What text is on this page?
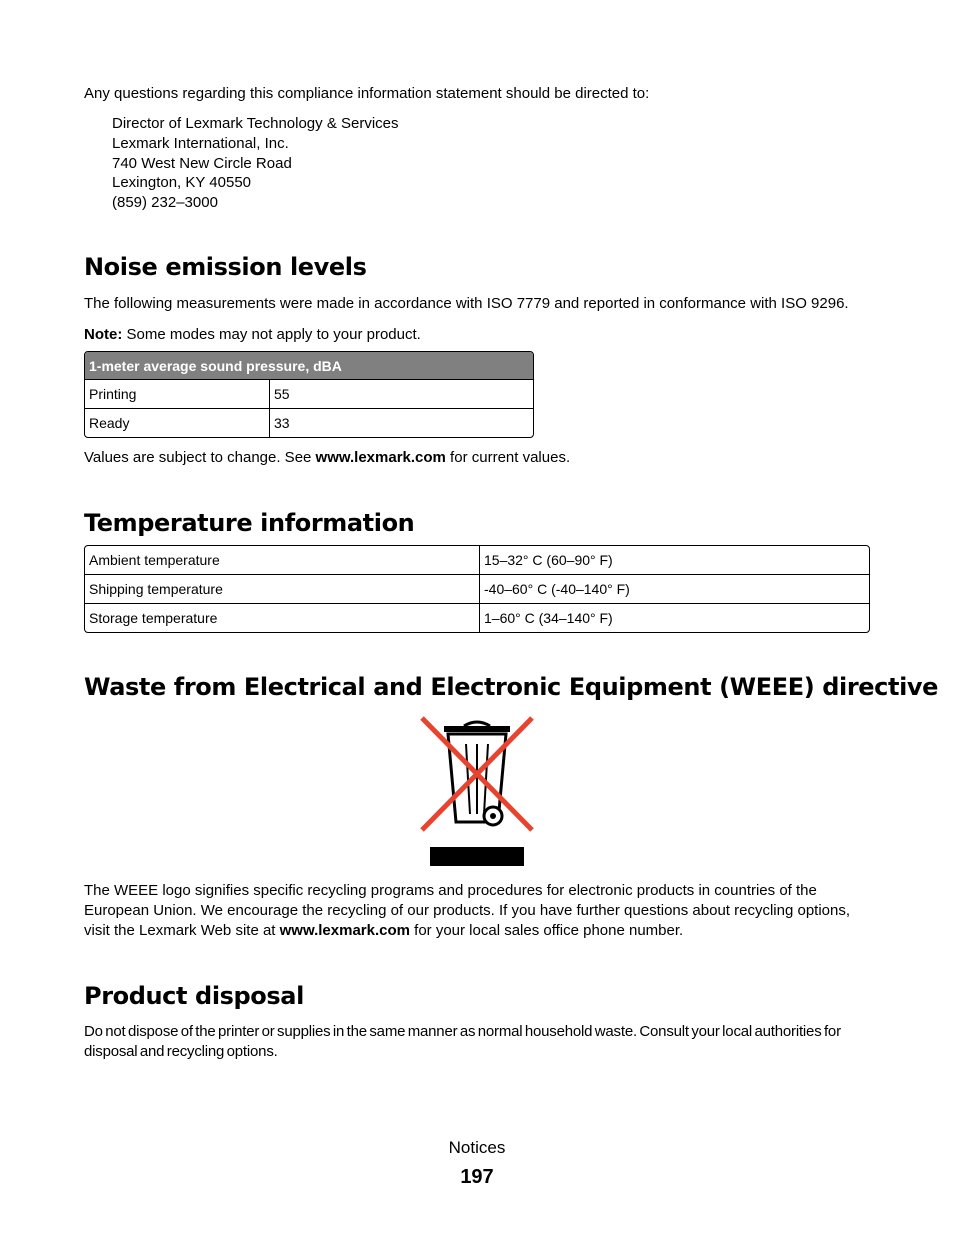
Any questions regarding this compliance information statement should be directed to:
Director of Lexmark Technology & Services
Lexmark International, Inc.
740 West New Circle Road
Lexington, KY 40550
(859) 232–3000
Noise emission levels
The following measurements were made in accordance with ISO 7779 and reported in conformance with ISO 9296.
Note: Some modes may not apply to your product.
1-meter average sound pressure, dBA	
Printing	55
Ready	33
Values are subject to change. See www.lexmark.com for current values.
Temperature information
Ambient temperature	15–32° C (60–90° F)
Shipping temperature	-40–60° C (-40–140° F)
Storage temperature	1–60° C (34–140° F)
Waste from Electrical and Electronic Equipment (WEEE) directive
The WEEE logo signifies specific recycling programs and procedures for electronic products in countries of the European Union. We encourage the recycling of our products. If you have further questions about recycling options, visit the Lexmark Web site at www.lexmark.com for your local sales office phone number.
Product disposal
Do not dispose of the printer or supplies in the same manner as normal household waste. Consult your local authorities for disposal and recycling options.
Notices
197
